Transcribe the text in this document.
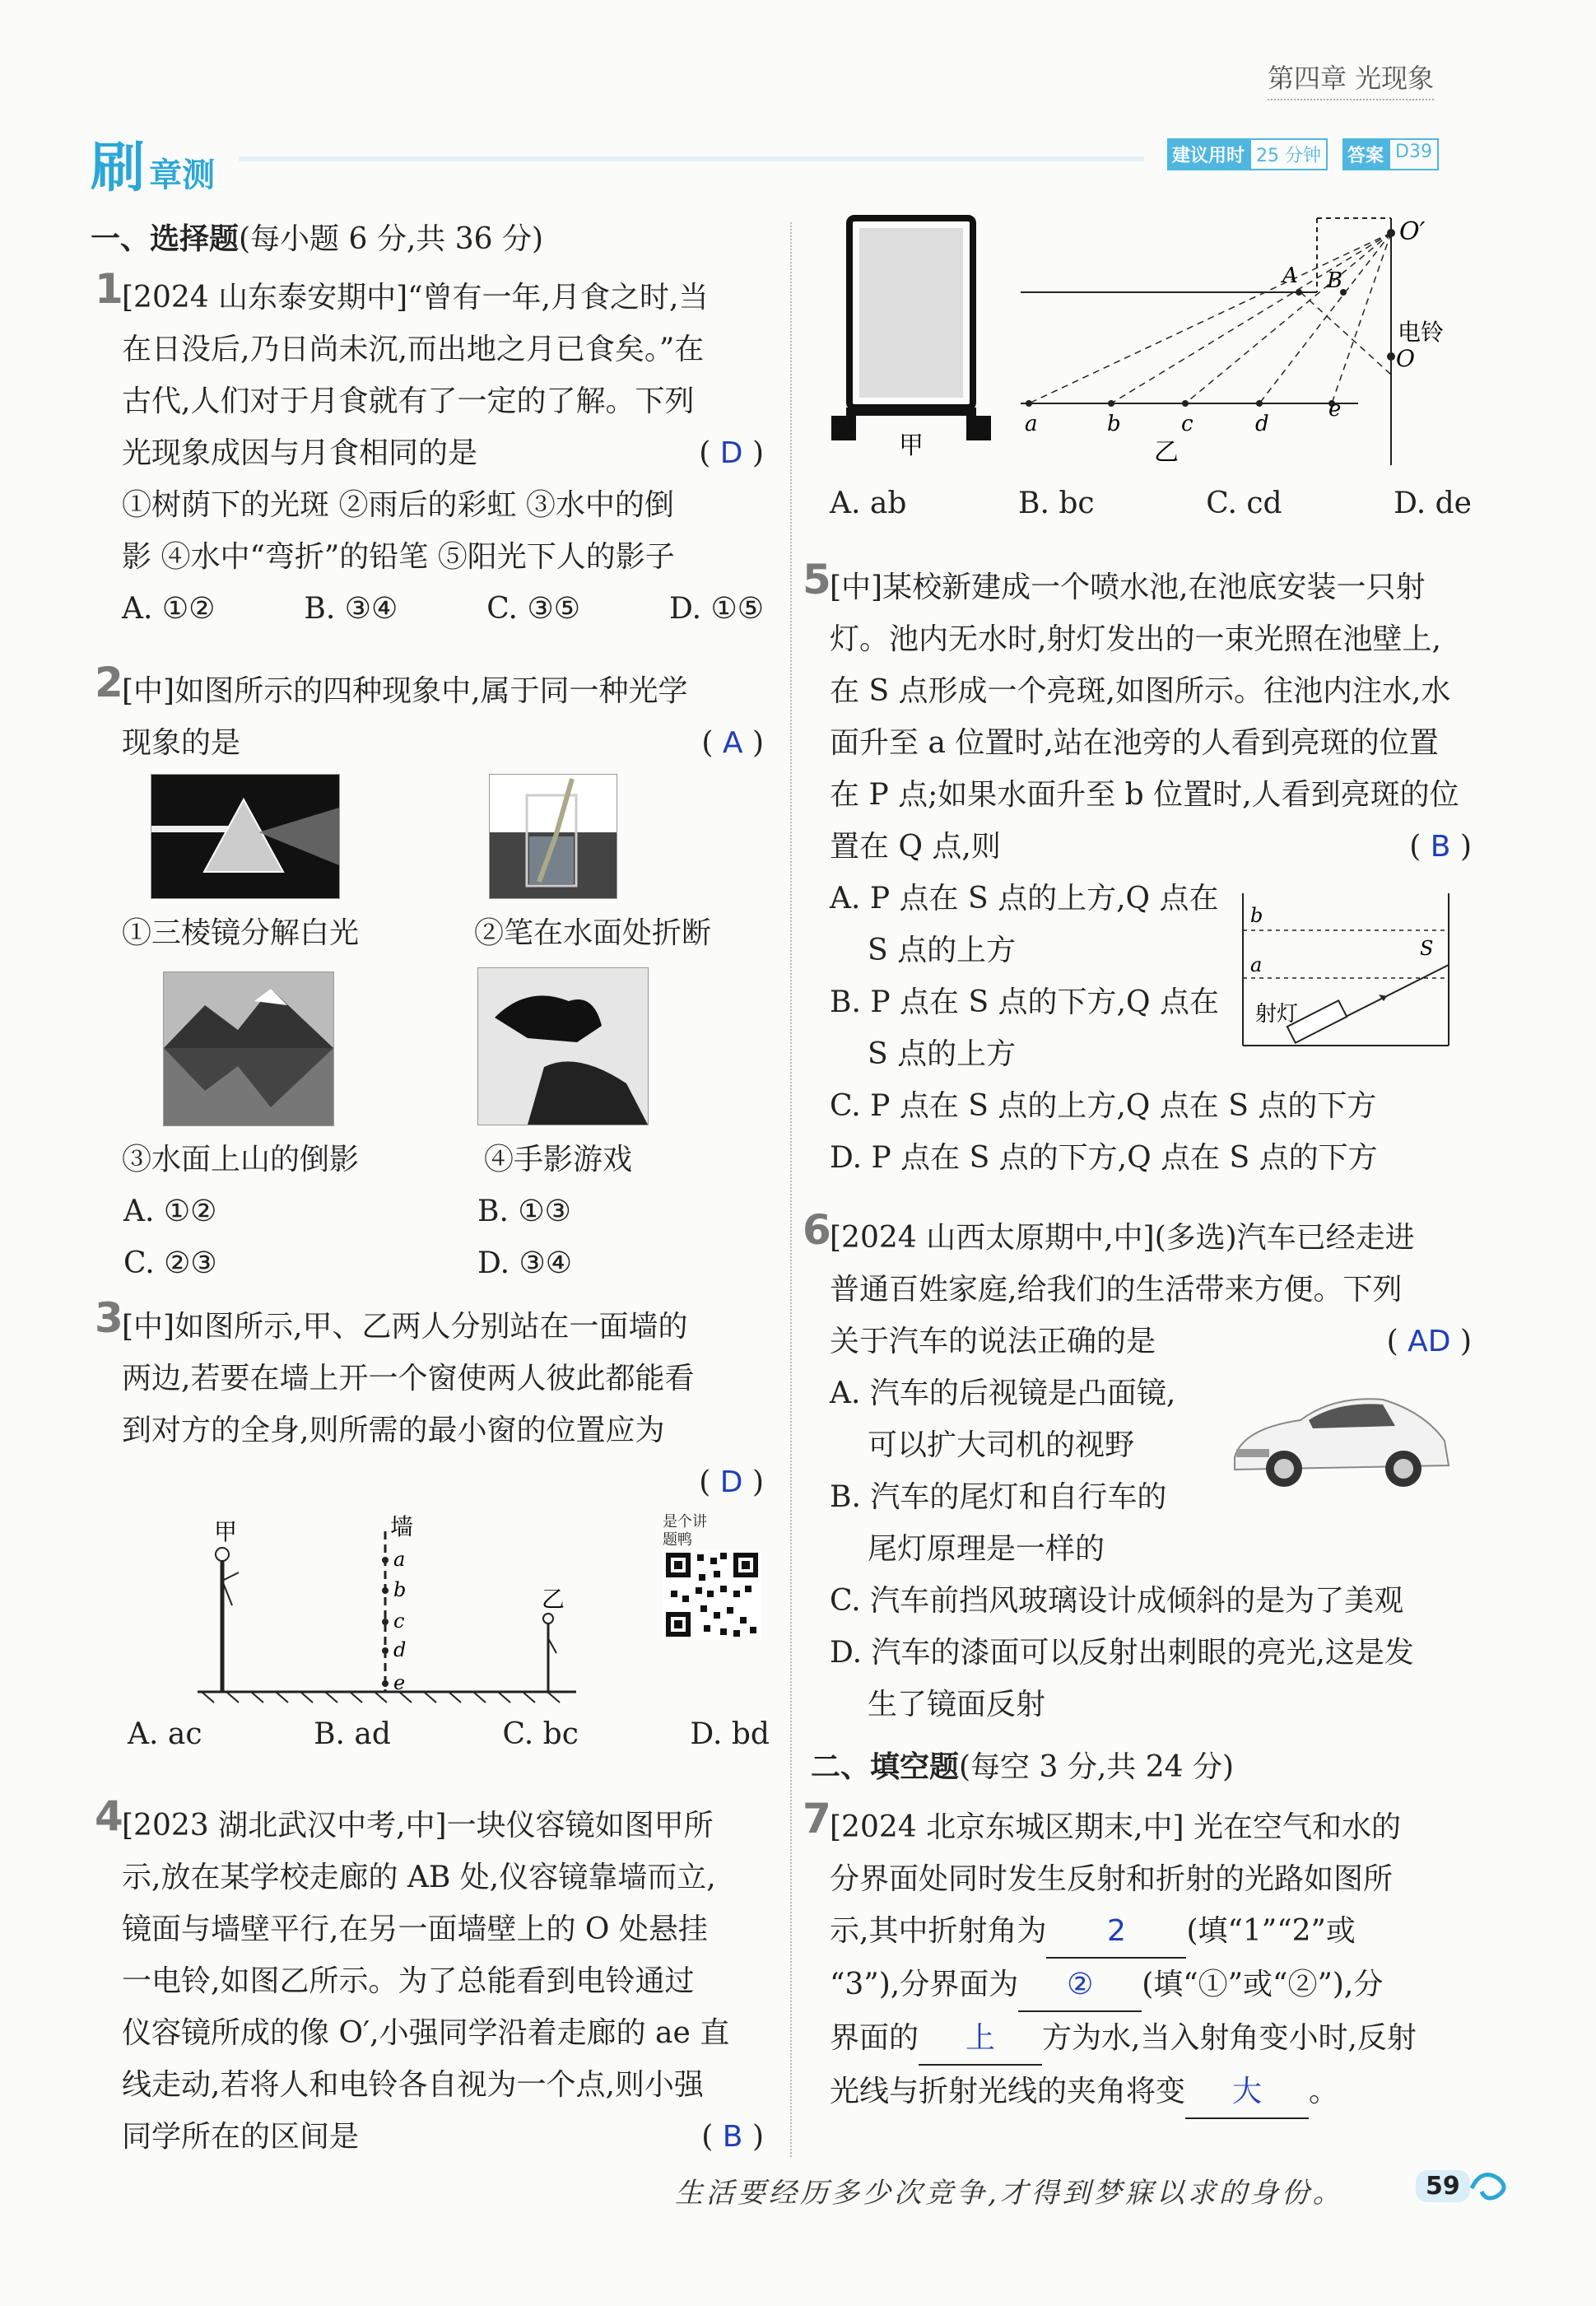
第四章 光现象
刷 章测
建议用时 25 分钟	答案 D39
一、选择题(每小题 6 分,共 36 分)
1

[2024 山东泰安期中]“曾有一年,月食之时,当

在日没后,乃日尚未沉,而出地之月已食矣。”在

古代,人们对于月食就有了一定的了解。下列

光现象成因与月食相同的是	( D )

①树荫下的光斑 ②雨后的彩虹 ③水中的倒

影 ④水中“弯折”的铅笔 ⑤阳光下人的影子

A. ①②	B. ③④	C. ③⑤	D. ①⑤
2

[中]如图所示的四种现象中,属于同一种光学

现象的是	( A )

①三棱镜分解白光	②笔在水面处折断
③水面上山的倒影	④手影游戏

A. ①②	B. ①③

C. ②③	D. ③④

3

[中]如图所示,甲、乙两人分别站在一面墙的

两边,若要在墙上开一个窗使两人彼此都能看

到对方的全身,则所需的最小窗的位置应为

( D )

甲	墙
a
b
c
d
e
乙
是个讲题鸭
A. ac	B. ad	C. bc	D. bd
4

[2023 湖北武汉中考,中]一块仪容镜如图甲所

示,放在某学校走廊的 AB 处,仪容镜靠墙而立,

镜面与墙壁平行,在另一面墙壁上的 O 处悬挂

一电铃,如图乙所示。为了总能看到电铃通过

仪容镜所成的像 O′,小强同学沿着走廊的 ae 直

线走动,若将人和电铃各自视为一个点,则小强

同学所在的区间是	( B )

甲
O′
O
电铃
A B
a	b	c	d
e
乙
A. ab	B. bc	C. cd	D. de
5

[中]某校新建成一个喷水池,在池底安装一只射

灯。池内无水时,射灯发出的一束光照在池壁上,

在 S 点形成一个亮斑,如图所示。往池内注水,水

面升至 a 位置时,站在池旁的人看到亮斑的位置

在 P 点;如果水面升至 b 位置时,人看到亮斑的位

置在 Q 点,则	( B )

A. P 点在 S 点的上方,Q 点在

S 点的上方

B. P 点在 S 点的下方,Q 点在

S 点的上方

C. P 点在 S 点的上方,Q 点在 S 点的下方

D. P 点在 S 点的下方,Q 点在 S 点的下方

b
a
S
射灯
6

[2024 山西太原期中,中](多选)汽车已经走进

普通百姓家庭,给我们的生活带来方便。下列

关于汽车的说法正确的是	( AD )

A. 汽车的后视镜是凸面镜,

可以扩大司机的视野

B. 汽车的尾灯和自行车的

尾灯原理是一样的

C. 汽车前挡风玻璃设计成倾斜的是为了美观

D. 汽车的漆面可以反射出刺眼的亮光,这是发

生了镜面反射

二、填空题(每空 3 分,共 24 分)
7

[2024 北京东城区期末,中] 光在空气和水的

分界面处同时发生反射和折射的光路如图所

示,其中折射角为 2 (填“1”“2”或

“3”),分界面为 ② (填“①”或“②”),分

界面的 上 方为水,当入射角变小时,反射

光线与折射光线的夹角将变 大 。

生活要经历多少次竞争,才得到梦寐以求的身份。	59
